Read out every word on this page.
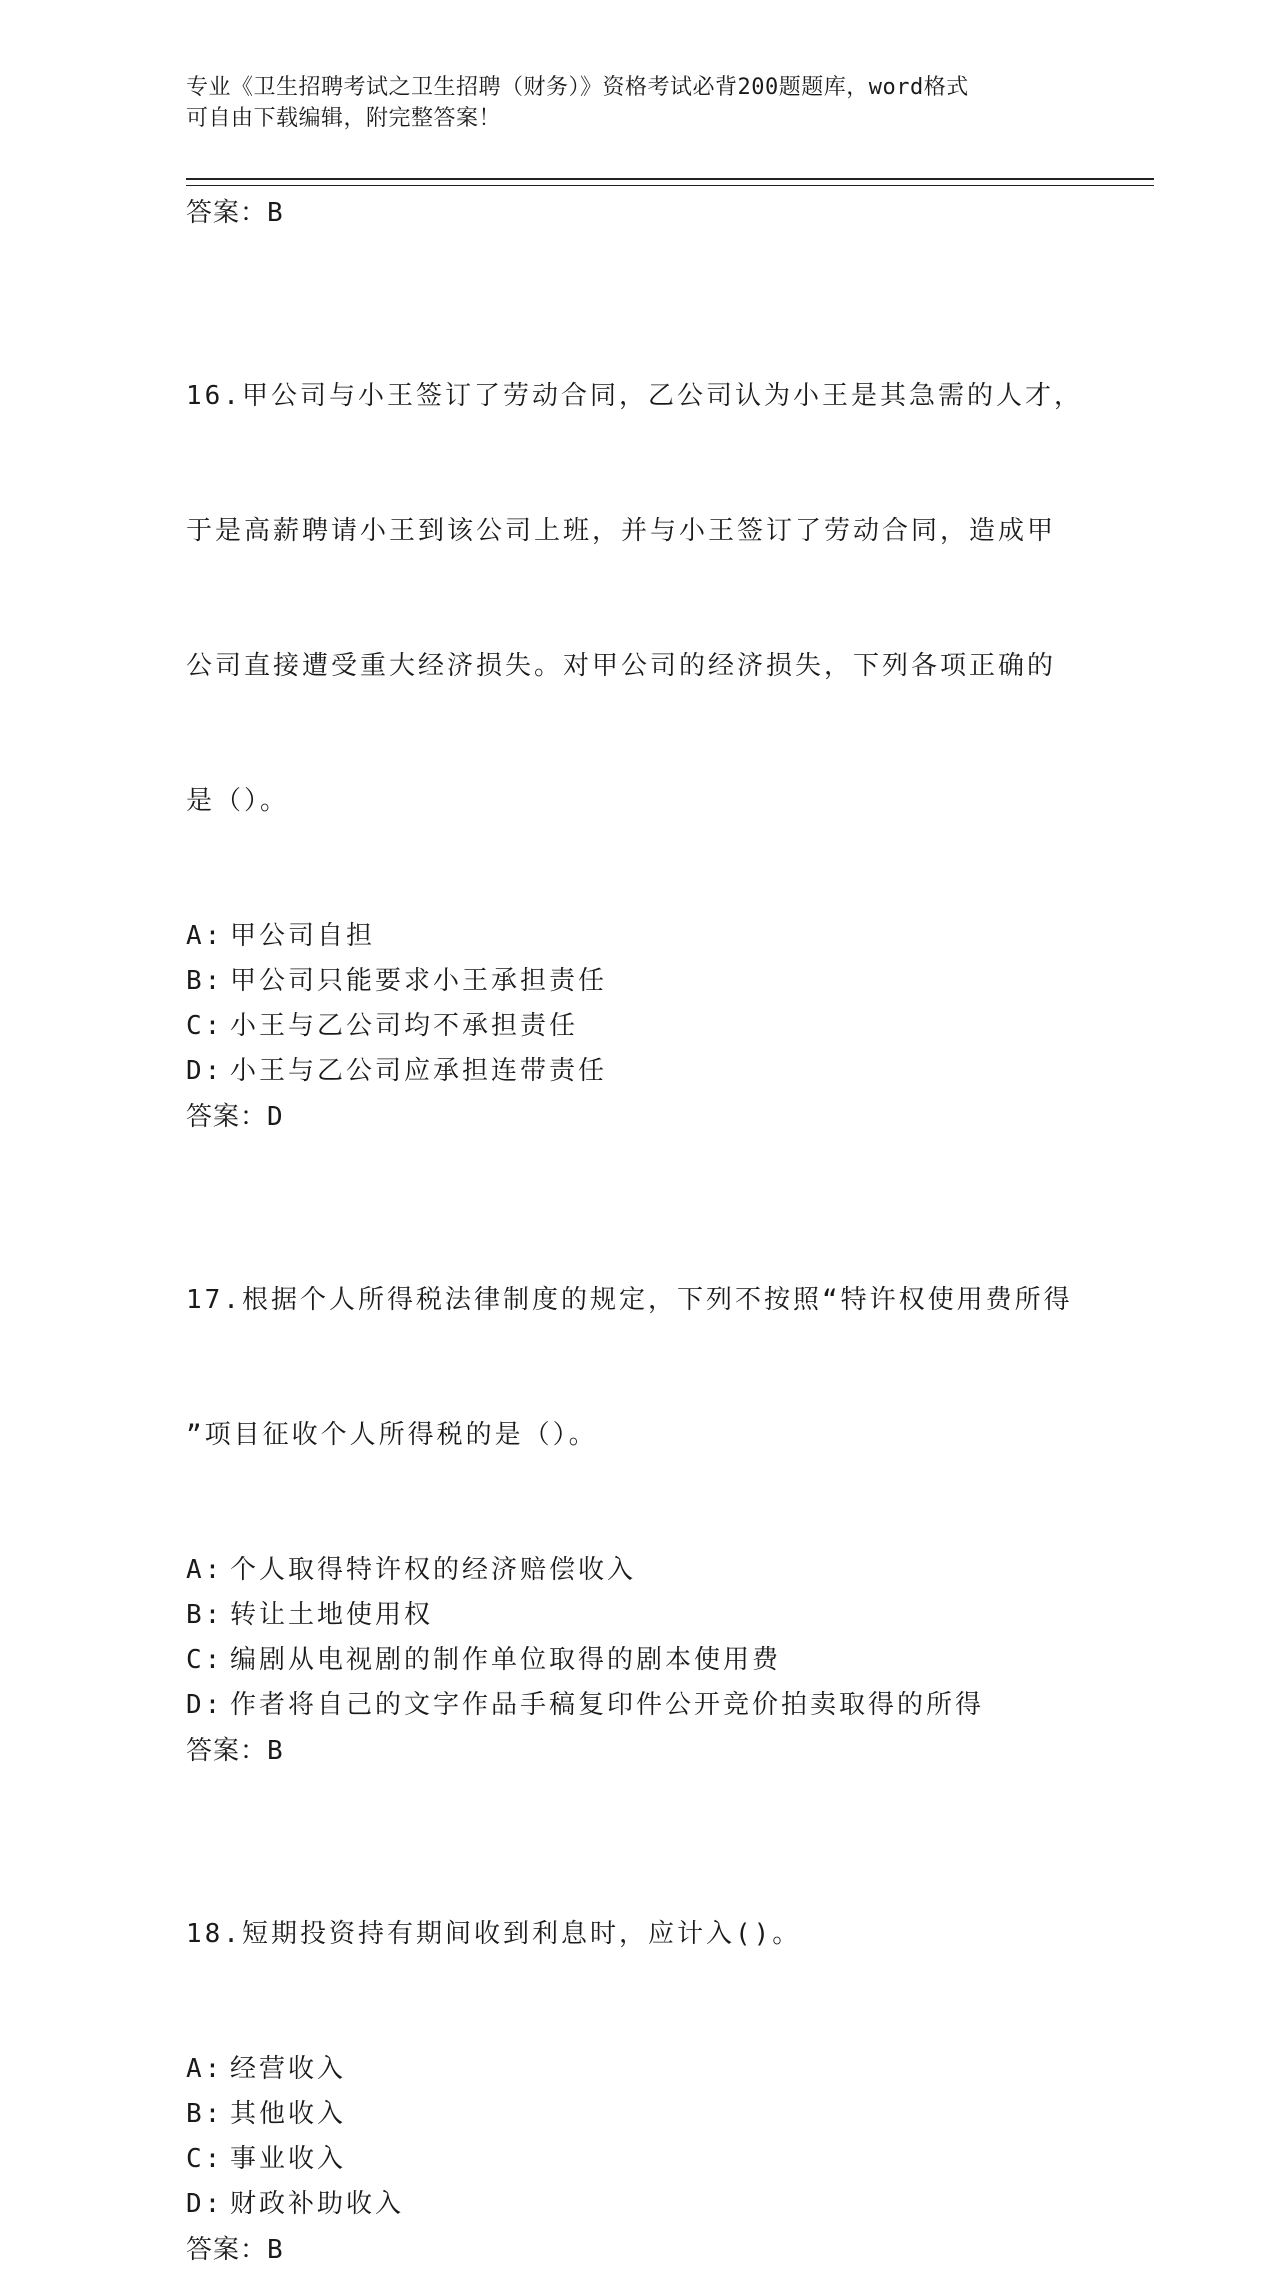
专业《卫生招聘考试之卫生招聘（财务）》资格考试必背200题题库，word格式
可自由下载编辑，附完整答案！
答案：B

16.甲公司与小王签订了劳动合同，乙公司认为小王是其急需的人才，

于是高薪聘请小王到该公司上班，并与小王签订了劳动合同，造成甲

公司直接遭受重大经济损失。对甲公司的经济损失，下列各项正确的

是（）。

A: 甲公司自担
B: 甲公司只能要求小王承担责任
C: 小王与乙公司均不承担责任
D: 小王与乙公司应承担连带责任
答案：D

17.根据个人所得税法律制度的规定，下列不按照“特许权使用费所得

”项目征收个人所得税的是（）。

A: 个人取得特许权的经济赔偿收入
B: 转让土地使用权
C: 编剧从电视剧的制作单位取得的剧本使用费
D: 作者将自己的文字作品手稿复印件公开竞价拍卖取得的所得
答案：B

18.短期投资持有期间收到利息时，应计入()。

A: 经营收入
B: 其他收入
C: 事业收入
D: 财政补助收入
答案：B
